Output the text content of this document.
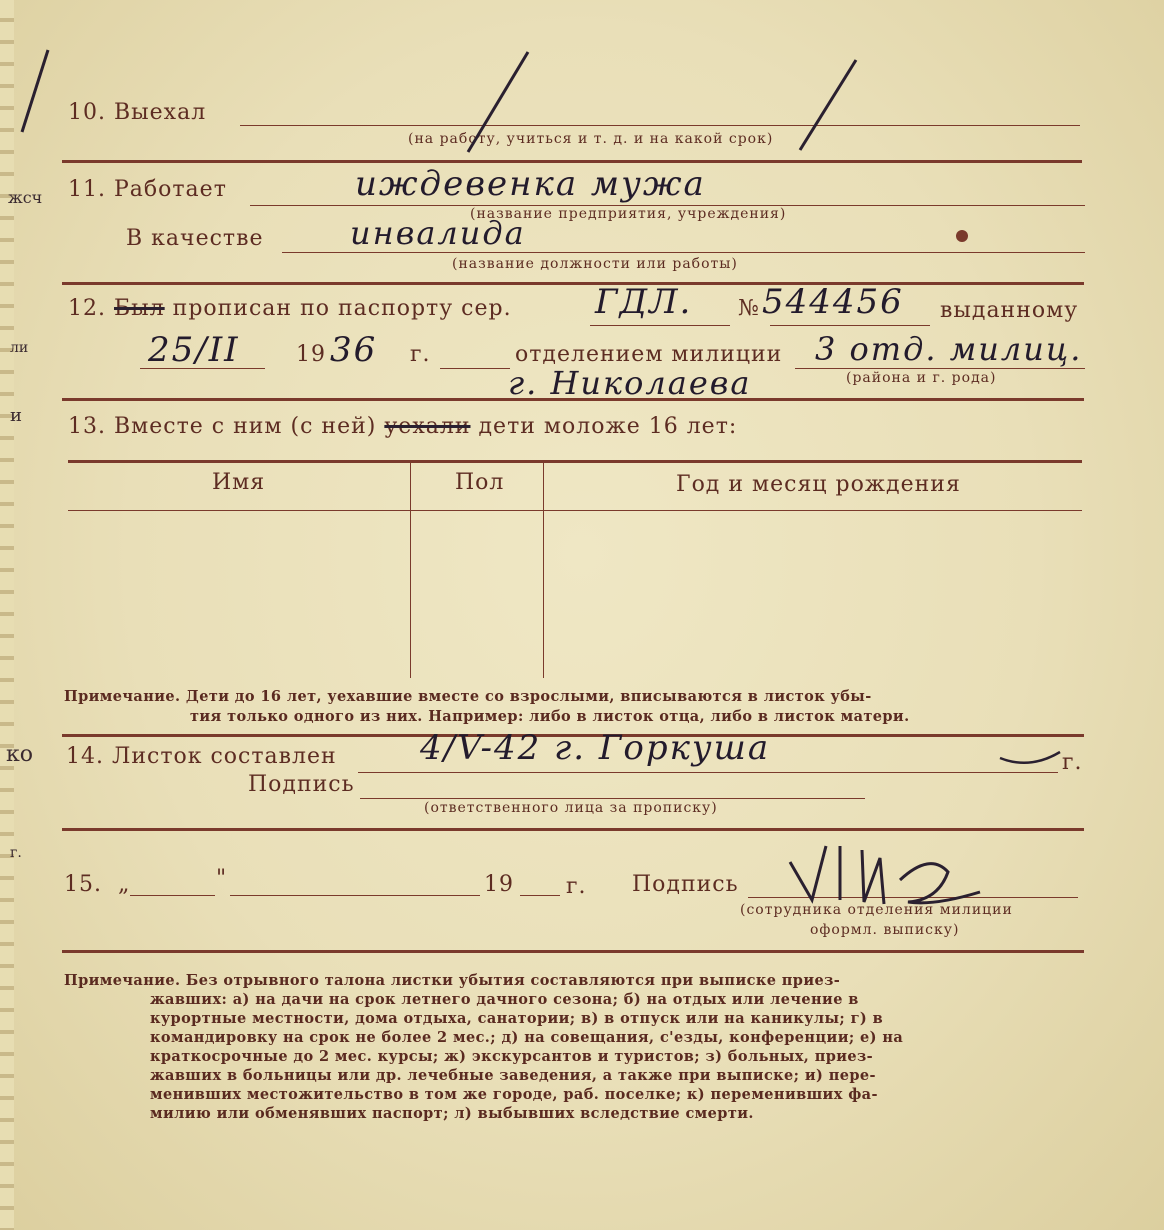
жсч
ли
и
ко
г.
10. Выехал
(на работу, учиться и т. д. и на какой срок)
11. Работает	иждевенка мужа
(название предприятия, учреждения)
В качестве	инвалида
(название должности или работы)
12. Был прописан по паспорту сер. ГДЛ. № 544456 выданному
25/II	19 36 г.	отделением милиции 3 отд. милиц.
г. Николаева	(района и г. рода)
13. Вместе с ним (с ней) уехали дети моложе 16 лет:
Имя	Пол	Год и месяц рождения
Примечание. Дети до 16 лет, уехавшие вместе со взрослыми, вписываются в листок убы-
тия только одного из них. Например: либо в листок отца, либо в листок матери.
14. Листок составлен 4/V-42 г. Горкуша	г.
Подпись
(ответственного лица за прописку)
15. „	"	19 г. Подпись
(сотрудника отделения милиции
оформл. выписку)
Примечание. Без отрывного талона листки убытия составляются при выписке приез-
жавших: а) на дачи на срок летнего дачного сезона; б) на отдых или лечение в
курортные местности, дома отдыха, санатории; в) в отпуск или на каникулы; г) в
командировку на срок не более 2 мес.; д) на совещания, с'езды, конференции; е) на
краткосрочные до 2 мес. курсы; ж) экскурсантов и туристов; з) больных, приез-
жавших в больницы или др. лечебные заведения, а также при выписке; и) пере-
менивших местожительство в том же городе, раб. поселке; к) переменивших фа-
милию или обменявших паспорт; л) выбывших вследствие смерти.
